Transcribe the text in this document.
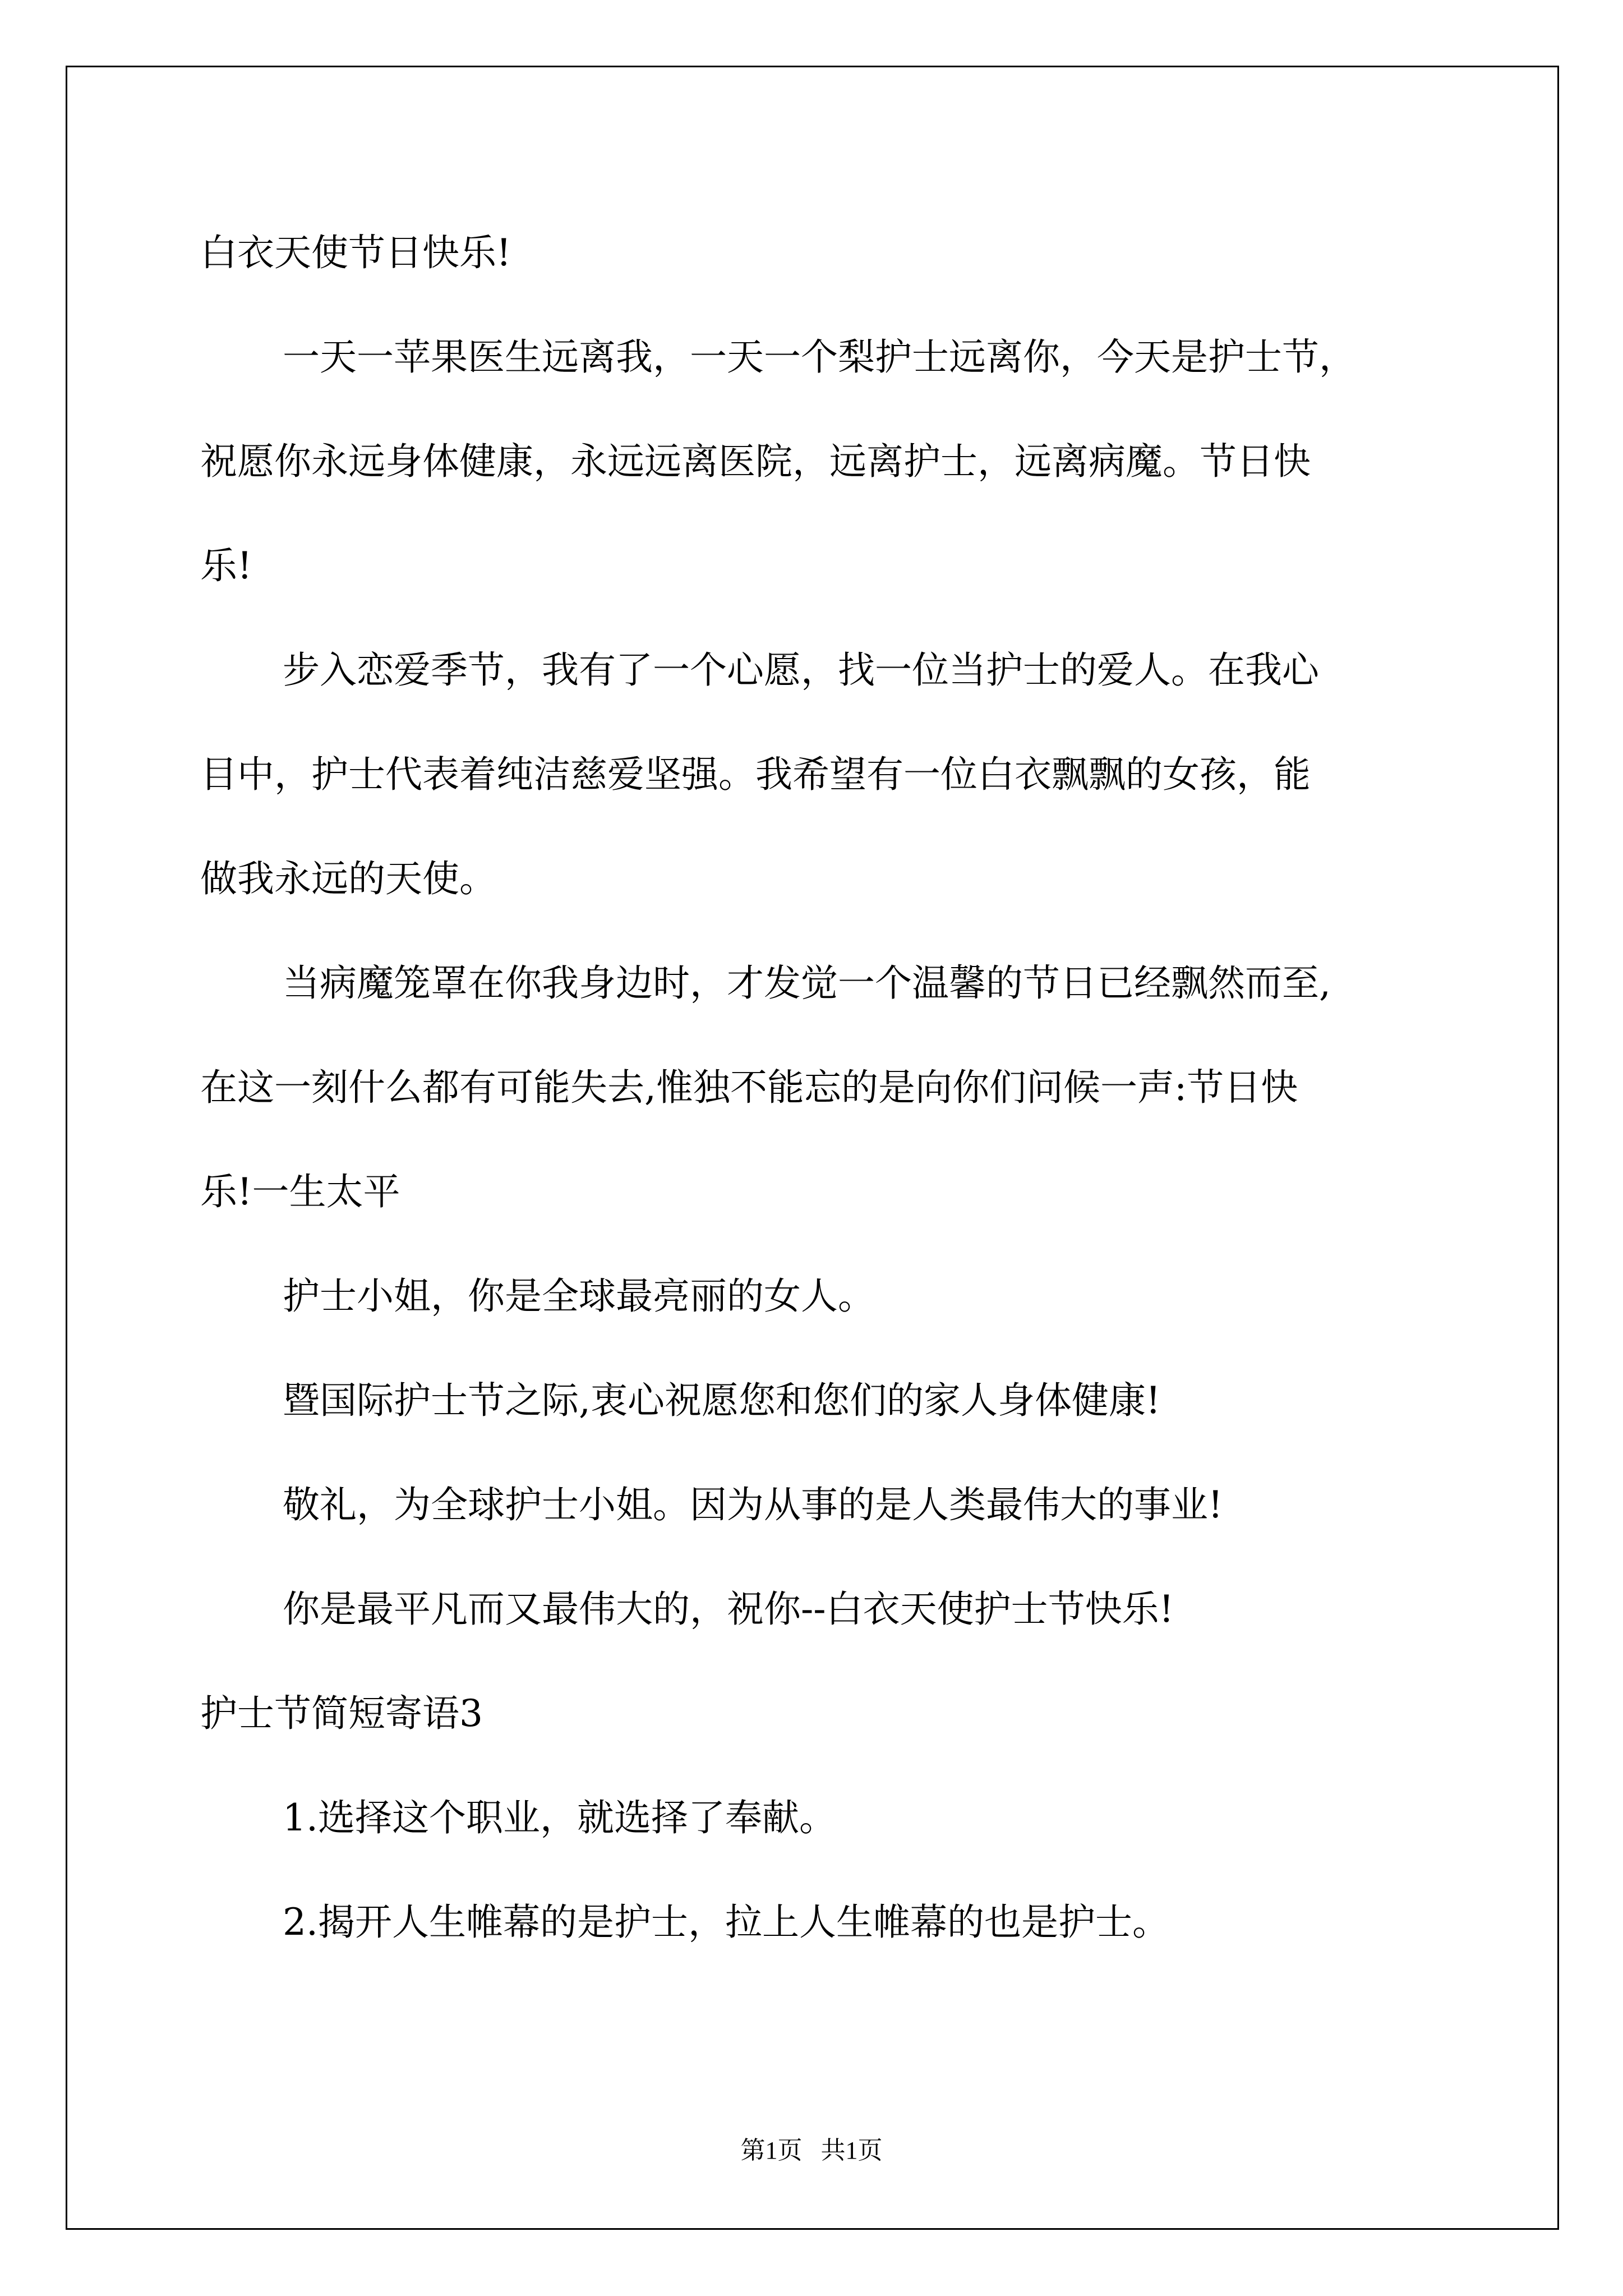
白衣天使节日快乐!

一天一苹果医生远离我，一天一个梨护士远离你，今天是护士节，

祝愿你永远身体健康，永远远离医院，远离护士，远离病魔。节日快

乐!

步入恋爱季节，我有了一个心愿，找一位当护士的爱人。在我心

目中，护士代表着纯洁慈爱坚强。我希望有一位白衣飘飘的女孩，能

做我永远的天使。

当病魔笼罩在你我身边时，才发觉一个温馨的节日已经飘然而至,

在这一刻什么都有可能失去,惟独不能忘的是向你们问候一声:节日快

乐!一生太平

护士小姐，你是全球最亮丽的女人。

暨国际护士节之际,衷心祝愿您和您们的家人身体健康!

敬礼，为全球护士小姐。因为从事的是人类最伟大的事业!

你是最平凡而又最伟大的，祝你--白衣天使护士节快乐!

护士节简短寄语3

1.选择这个职业，就选择了奉献。

2.揭开人生帷幕的是护士，拉上人生帷幕的也是护士。

第1页   共1页
